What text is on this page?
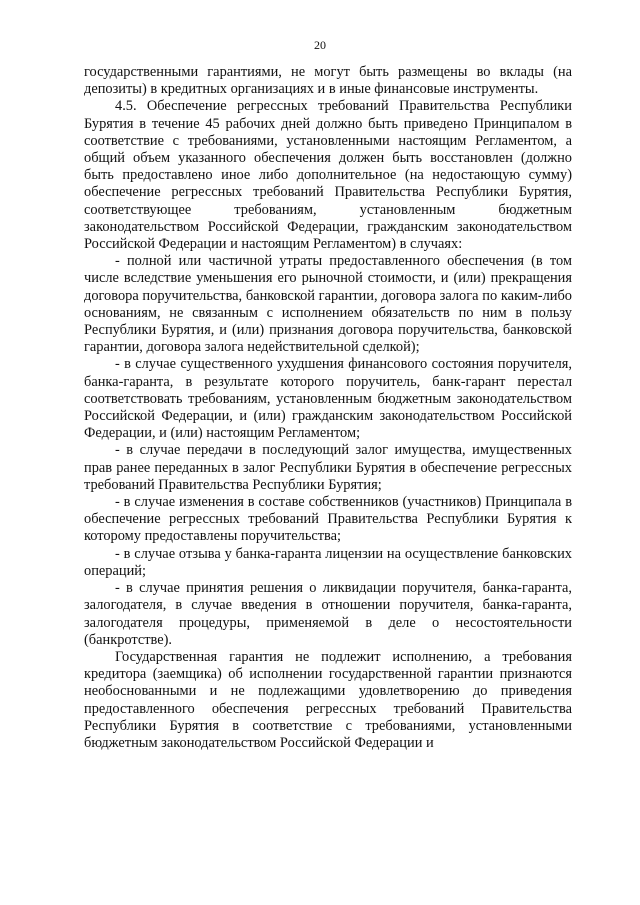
20

государственными гарантиями, не могут быть размещены во вклады (на депозиты) в кредитных организациях и в иные финансовые инструменты.

4.5. Обеспечение регрессных требований Правительства Республики Бурятия в течение 45 рабочих дней должно быть приведено Принципалом в соответствие с требованиями, установленными настоящим Регламентом, а общий объем указанного обеспечения должен быть восстановлен (должно быть предоставлено иное либо дополнительное (на недостающую сумму) обеспечение регрессных требований Правительства Республики Бурятия, соответствующее требованиям, установленным бюджетным законодательством Российской Федерации, гражданским законодательством Российской Федерации и настоящим Регламентом) в случаях:

- полной или частичной утраты предоставленного обеспечения (в том числе вследствие уменьшения его рыночной стоимости, и (или) прекращения договора поручительства, банковской гарантии, договора залога по каким-либо основаниям, не связанным с исполнением обязательств по ним в пользу Республики Бурятия, и (или) признания договора поручительства, банковской гарантии, договора залога недействительной сделкой);

- в случае существенного ухудшения финансового состояния поручителя, банка-гаранта, в результате которого поручитель, банк-гарант перестал соответствовать требованиям, установленным бюджетным законодательством Российской Федерации, и (или) гражданским законодательством Российской Федерации, и (или) настоящим Регламентом;

- в случае передачи в последующий залог имущества, имущественных прав ранее переданных в залог Республики Бурятия в обеспечение регрессных требований Правительства Республики Бурятия;

- в случае изменения в составе собственников (участников) Принципала в обеспечение регрессных требований Правительства Республики Бурятия к которому предоставлены поручительства;

- в случае отзыва у банка-гаранта лицензии на осуществление банковских операций;

- в случае принятия решения о ликвидации поручителя, банка-гаранта, залогодателя, в случае введения в отношении поручителя, банка-гаранта, залогодателя процедуры, применяемой в деле о несостоятельности (банкротстве).

Государственная гарантия не подлежит исполнению, а требования кредитора (заемщика) об исполнении государственной гарантии признаются необоснованными и не подлежащими удовлетворению до приведения предоставленного обеспечения регрессных требований Правительства Республики Бурятия в соответствие с требованиями, установленными бюджетным законодательством Российской Федерации и
